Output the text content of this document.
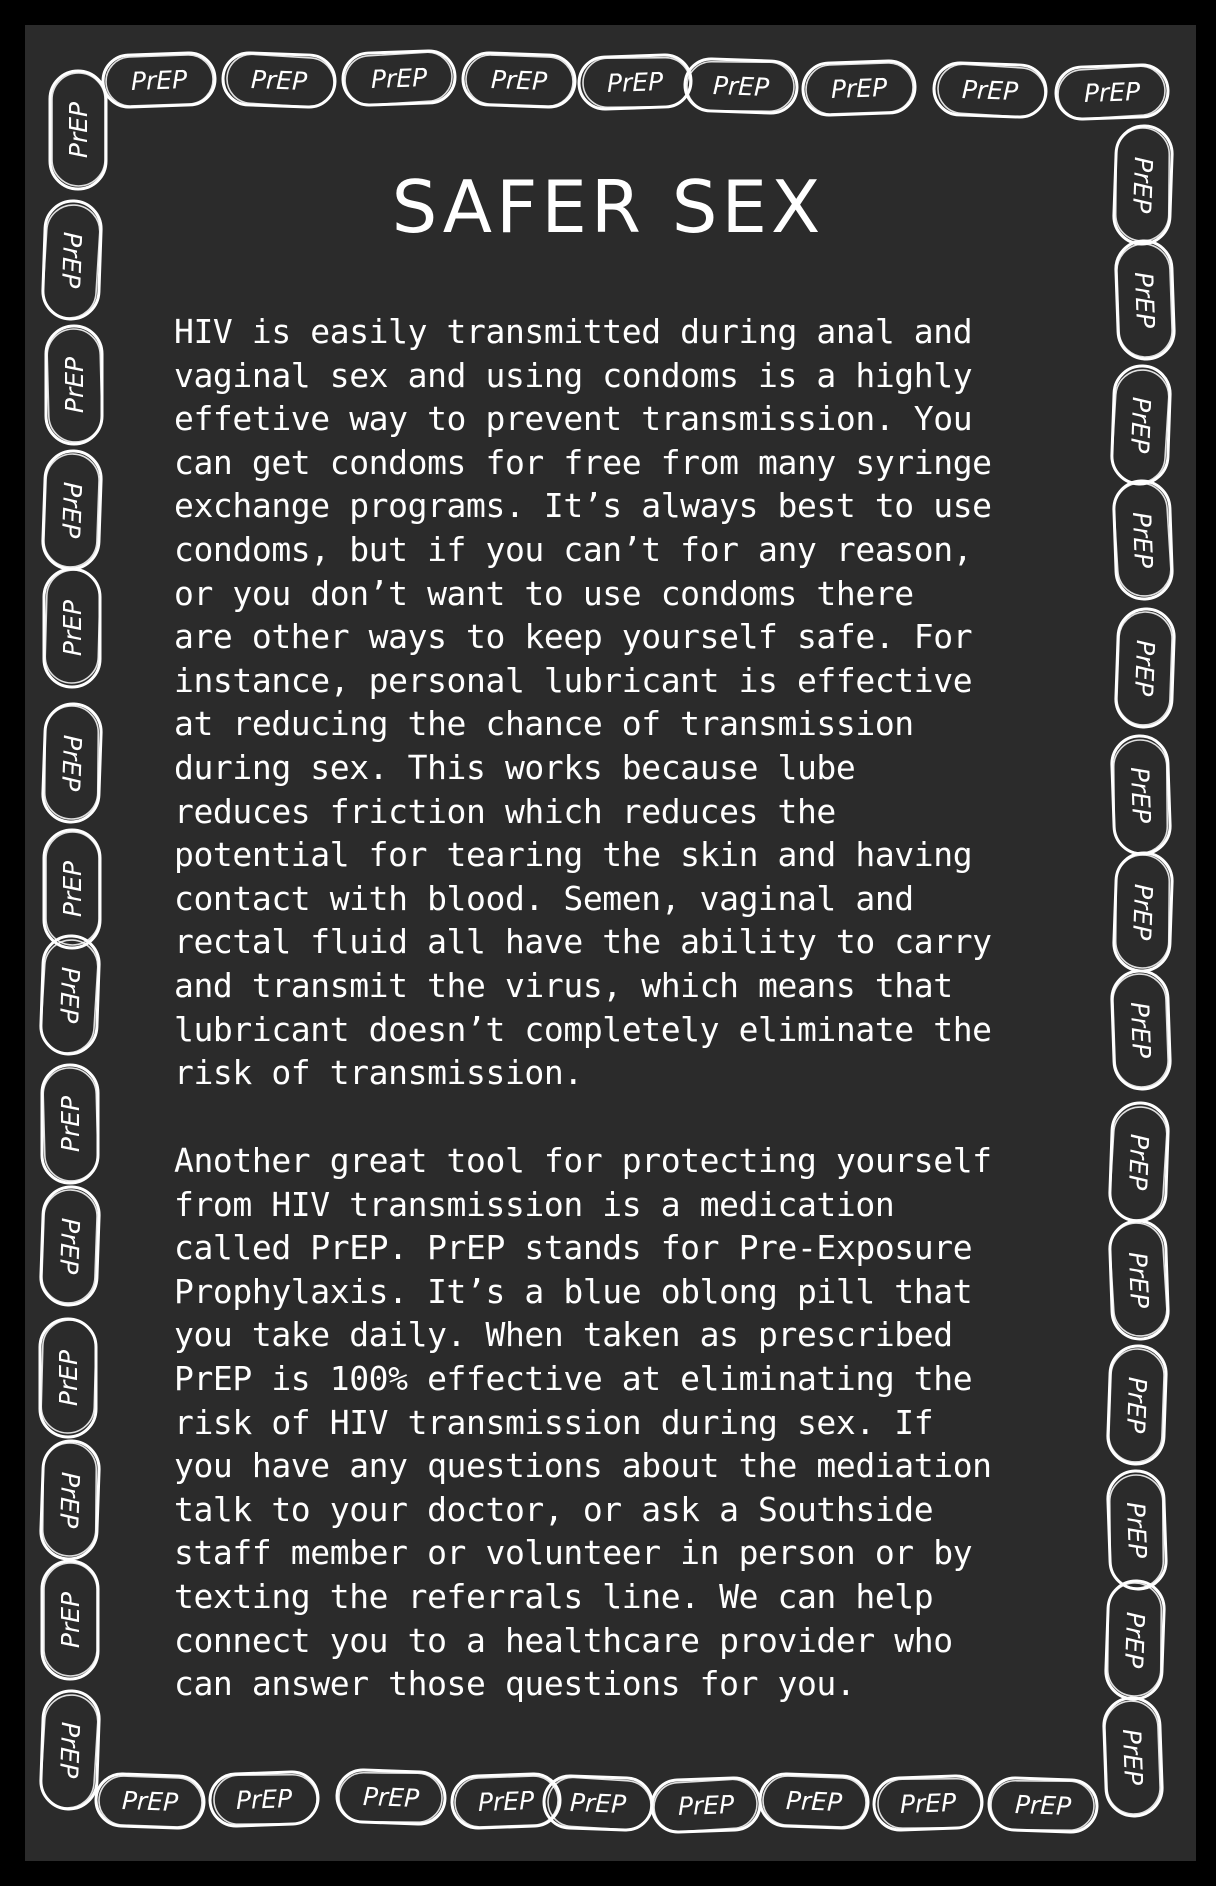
PrEP	PrEP	PrEP	PrEP PrEP PrEP PrEP	PrEP	PrEP
PrEP PrEP	PrEP PrEP PrEP PrEP PrEP PrEP PrEP
PrEP
PrEP
PrEP
PrEP
PrEP
PrEP
PrEP
PrEP
PrEP
PrEP
PrEP
PrEP
PrEP
PrEP
PrEP
PrEP
PrEP
PrEP
PrEP
PrEP
PrEP
PrEP
PrEP
PrEP
PrEP
PrEP
PrEP
PrEP
SAFER SEX

HIV is easily transmitted during anal and
vaginal sex and using condoms is a highly
effetive way to prevent transmission. You
can get condoms for free from many syringe
exchange programs. It’s always best to use
condoms, but if you can’t for any reason,
or you don’t want to use condoms there
are other ways to keep yourself safe. For
instance, personal lubricant is effective
at reducing the chance of transmission
during sex. This works because lube
reduces friction which reduces the
potential for tearing the skin and having
contact with blood. Semen, vaginal and
rectal fluid all have the ability to carry
and transmit the virus, which means that
lubricant doesn’t completely eliminate the
risk of transmission.

Another great tool for protecting yourself
from HIV transmission is a medication
called PrEP. PrEP stands for Pre-Exposure
Prophylaxis. It’s a blue oblong pill that
you take daily. When taken as prescribed
PrEP is 100% effective at eliminating the
risk of HIV transmission during sex. If
you have any questions about the mediation
talk to your doctor, or ask a Southside
staff member or volunteer in person or by
texting the referrals line. We can help
connect you to a healthcare provider who
can answer those questions for you.
